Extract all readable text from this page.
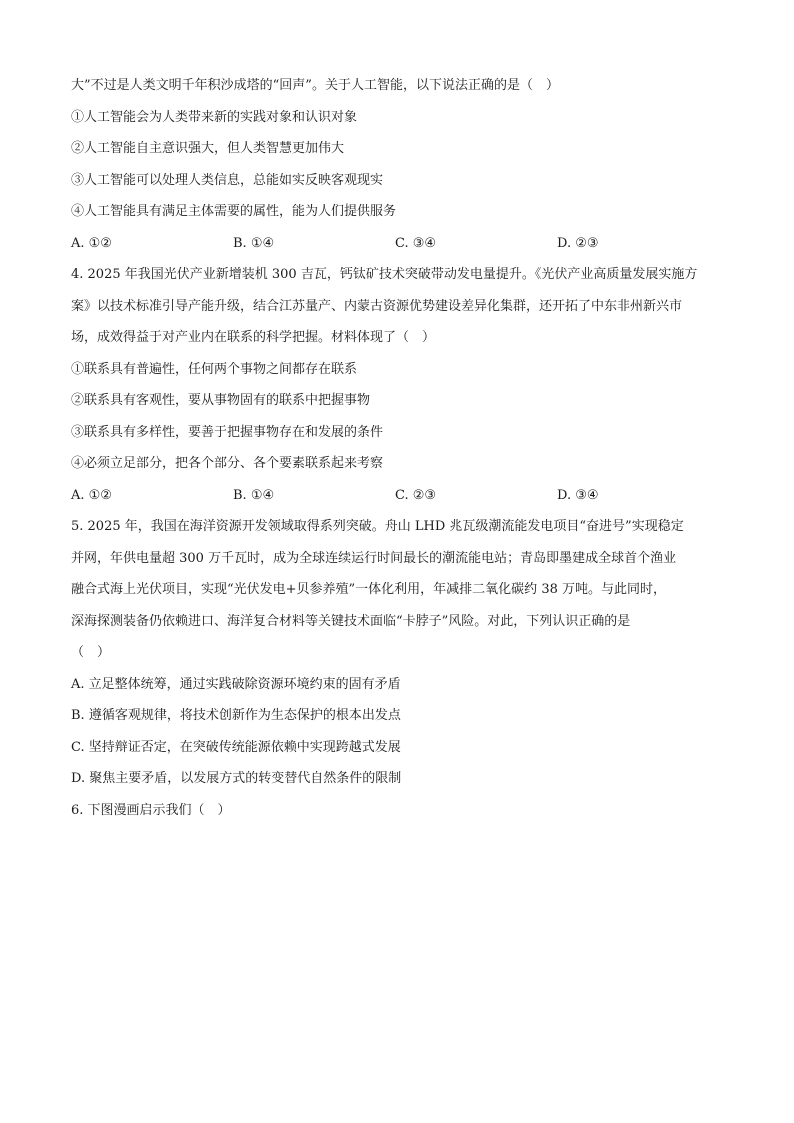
大”不过是人类文明千年积沙成塔的“回声”。关于人工智能，以下说法正确的是（　）
①人工智能会为人类带来新的实践对象和认识对象
②人工智能自主意识强大，但人类智慧更加伟大
③人工智能可以处理人类信息，总能如实反映客观现实
④人工智能具有满足主体需要的属性，能为人们提供服务
A. ①②	B. ①④	C. ③④	D. ②③
4. 2025 年我国光伏产业新增装机 300 吉瓦，钙钛矿技术突破带动发电量提升。《光伏产业高质量发展实施方
案》以技术标准引导产能升级，结合江苏量产、内蒙古资源优势建设差异化集群，还开拓了中东非州新兴市
场，成效得益于对产业内在联系的科学把握。材料体现了（　）
①联系具有普遍性，任何两个事物之间都存在联系
②联系具有客观性，要从事物固有的联系中把握事物
③联系具有多样性，要善于把握事物存在和发展的条件
④必须立足部分，把各个部分、各个要素联系起来考察
A. ①②	B. ①④	C. ②③	D. ③④
5. 2025 年，我国在海洋资源开发领域取得系列突破。舟山 LHD 兆瓦级潮流能发电项目“奋进号”实现稳定
并网，年供电量超 300 万千瓦时，成为全球连续运行时间最长的潮流能电站；青岛即墨建成全球首个渔业
融合式海上光伏项目，实现“光伏发电+贝参养殖”一体化利用，年减排二氧化碳约 38 万吨。与此同时，
深海探测装备仍依赖进口、海洋复合材料等关键技术面临“卡脖子”风险。对此，下列认识正确的是
（　）
A. 立足整体统筹，通过实践破除资源环境约束的固有矛盾
B. 遵循客观规律，将技术创新作为生态保护的根本出发点
C. 坚持辩证否定，在突破传统能源依赖中实现跨越式发展
D. 聚焦主要矛盾，以发展方式的转变替代自然条件的限制
6. 下图漫画启示我们（　）
